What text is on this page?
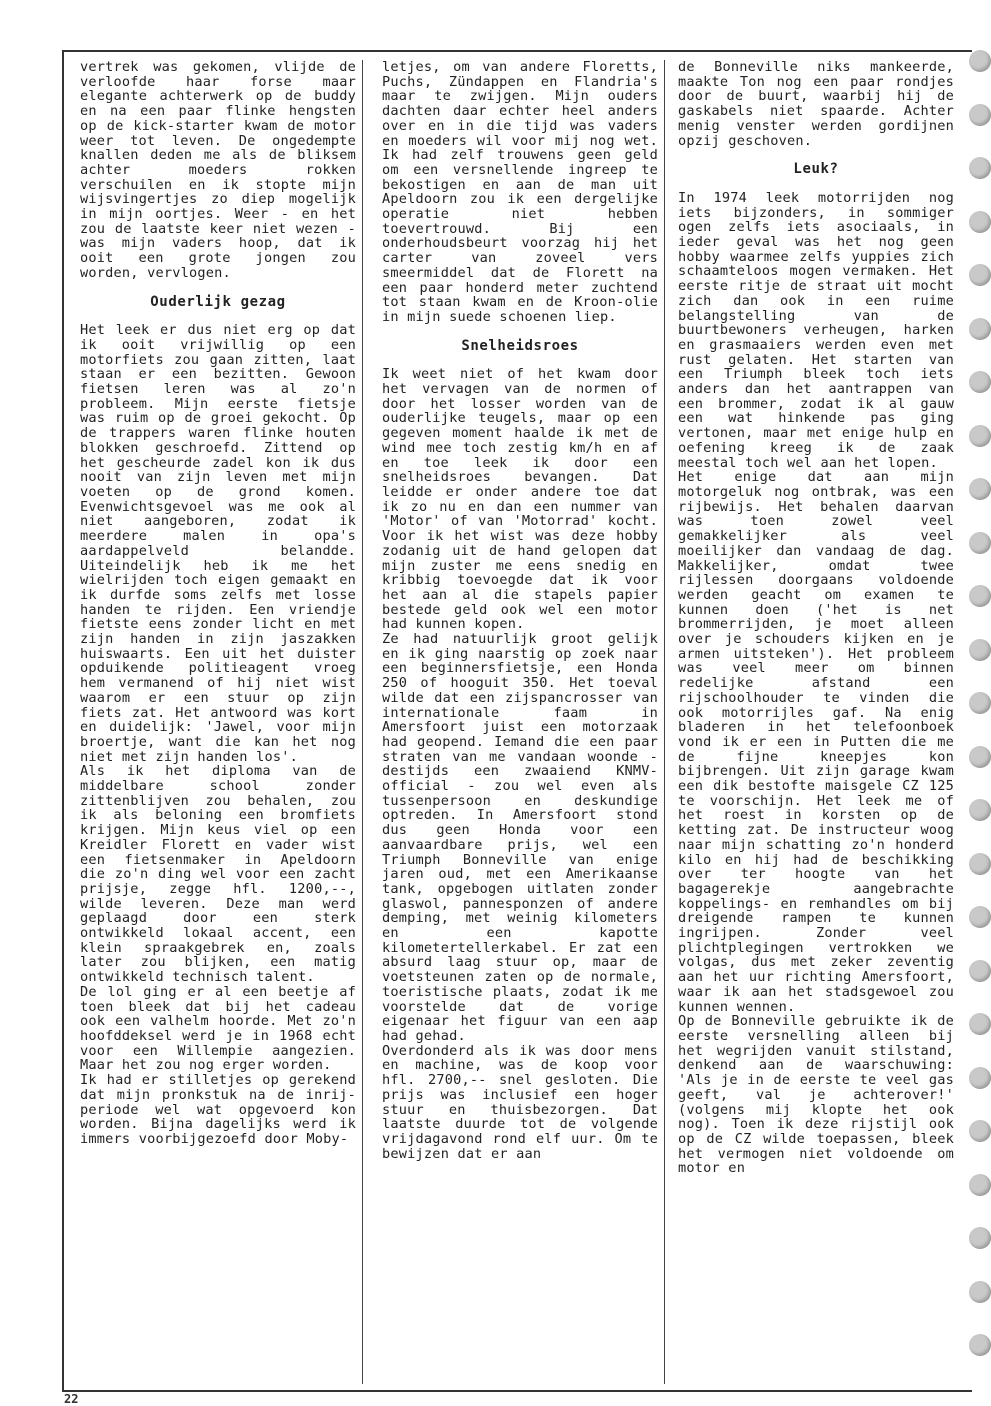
vertrek was gekomen, vlijde de verloofde haar forse maar elegante achterwerk op de buddy en na een paar flinke hengsten op de kick-starter kwam de motor weer tot leven. De ongedempte knallen deden me als de bliksem achter moeders rokken verschuilen en ik stopte mijn wijsvingertjes zo diep mogelijk in mijn oortjes. Weer - en het zou de laatste keer niet wezen - was mijn vaders hoop, dat ik ooit een grote jongen zou worden, vervlogen.

Ouderlijk gezag

Het leek er dus niet erg op dat ik ooit vrijwillig op een motorfiets zou gaan zitten, laat staan er een bezitten. Gewoon fietsen leren was al zo'n probleem. Mijn eerste fietsje was ruim op de groei gekocht. Op de trappers waren flinke houten blokken geschroefd. Zittend op het gescheurde zadel kon ik dus nooit van zijn leven met mijn voeten op de grond komen. Evenwichtsgevoel was me ook al niet aangeboren, zodat ik meerdere malen in opa's aardappelveld belandde. Uiteindelijk heb ik me het wielrijden toch eigen gemaakt en ik durfde soms zelfs met losse handen te rijden. Een vriendje fietste eens zonder licht en met zijn handen in zijn jaszakken huiswaarts. Een uit het duister opduikende politieagent vroeg hem vermanend of hij niet wist waarom er een stuur op zijn fiets zat. Het antwoord was kort en duidelijk: 'Jawel, voor mijn broertje, want die kan het nog niet met zijn handen los'.

Als ik het diploma van de middelbare school zonder zittenblijven zou behalen, zou ik als beloning een bromfiets krijgen. Mijn keus viel op een Kreidler Florett en vader wist een fietsenmaker in Apeldoorn die zo'n ding wel voor een zacht prijsje, zegge hfl. 1200,--, wilde leveren. Deze man werd geplaagd door een sterk ontwikkeld lokaal accent, een klein spraakgebrek en, zoals later zou blijken, een matig ontwikkeld technisch talent.

De lol ging er al een beetje af toen bleek dat bij het cadeau ook een valhelm hoorde. Met zo'n hoofddeksel werd je in 1968 echt voor een Willempie aangezien. Maar het zou nog erger worden.

Ik had er stilletjes op gerekend dat mijn pronkstuk na de inrij-periode wel wat opgevoerd kon worden. Bijna dagelijks werd ik immers voorbijgezoefd door Moby-

letjes, om van andere Floretts, Puchs, Zündappen en Flandria's maar te zwijgen. Mijn ouders dachten daar echter heel anders over en in die tijd was vaders en moeders wil voor mij nog wet. Ik had zelf trouwens geen geld om een versnellende ingreep te bekostigen en aan de man uit Apeldoorn zou ik een dergelijke operatie niet hebben toevertrouwd. Bij een onderhoudsbeurt voorzag hij het carter van zoveel vers smeermiddel dat de Florett na een paar honderd meter zuchtend tot staan kwam en de Kroon-olie in mijn suede schoenen liep.

Snelheidsroes

Ik weet niet of het kwam door het vervagen van de normen of door het losser worden van de ouderlijke teugels, maar op een gegeven moment haalde ik met de wind mee toch zestig km/h en af en toe leek ik door een snelheidsroes bevangen. Dat leidde er onder andere toe dat ik zo nu en dan een nummer van 'Motor' of van 'Motorrad' kocht. Voor ik het wist was deze hobby zodanig uit de hand gelopen dat mijn zuster me eens snedig en kribbig toevoegde dat ik voor het aan al die stapels papier bestede geld ook wel een motor had kunnen kopen.

Ze had natuurlijk groot gelijk en ik ging naarstig op zoek naar een beginnersfietsje, een Honda 250 of hooguit 350. Het toeval wilde dat een zijspancrosser van internationale faam in Amersfoort juist een motorzaak had geopend. Iemand die een paar straten van me vandaan woonde - destijds een zwaaiend KNMV-official - zou wel even als tussenpersoon en deskundige optreden. In Amersfoort stond dus geen Honda voor een aanvaardbare prijs, wel een Triumph Bonneville van enige jaren oud, met een Amerikaanse tank, opgebogen uitlaten zonder glaswol, pannesponzen of andere demping, met weinig kilometers en een kapotte kilometertellerkabel. Er zat een absurd laag stuur op, maar de voetsteunen zaten op de normale, toeristische plaats, zodat ik me voorstelde dat de vorige eigenaar het figuur van een aap had gehad.

Overdonderd als ik was door mens en machine, was de koop voor hfl. 2700,-- snel gesloten. Die prijs was inclusief een hoger stuur en thuisbezorgen. Dat laatste duurde tot de volgende vrijdagavond rond elf uur. Om te bewijzen dat er aan

de Bonneville niks mankeerde, maakte Ton nog een paar rondjes door de buurt, waarbij hij de gaskabels niet spaarde. Achter menig venster werden gordijnen opzij geschoven.

Leuk?

In 1974 leek motorrijden nog iets bijzonders, in sommiger ogen zelfs iets asociaals, in ieder geval was het nog geen hobby waarmee zelfs yuppies zich schaamteloos mogen vermaken. Het eerste ritje de straat uit mocht zich dan ook in een ruime belangstelling van de buurtbewoners verheugen, harken en grasmaaiers werden even met rust gelaten. Het starten van een Triumph bleek toch iets anders dan het aantrappen van een brommer, zodat ik al gauw een wat hinkende pas ging vertonen, maar met enige hulp en oefening kreeg ik de zaak meestal toch wel aan het lopen.

Het enige dat aan mijn motorgeluk nog ontbrak, was een rijbewijs. Het behalen daarvan was toen zowel veel gemakkelijker als veel moeilijker dan vandaag de dag. Makkelijker, omdat twee rijlessen doorgaans voldoende werden geacht om examen te kunnen doen ('het is net brommerrijden, je moet alleen over je schouders kijken en je armen uitsteken'). Het probleem was veel meer om binnen redelijke afstand een rijschoolhouder te vinden die ook motorrijles gaf. Na enig bladeren in het telefoonboek vond ik er een in Putten die me de fijne kneepjes kon bijbrengen. Uit zijn garage kwam een dik bestofte maisgele CZ 125 te voorschijn. Het leek me of het roest in korsten op de ketting zat. De instructeur woog naar mijn schatting zo'n honderd kilo en hij had de beschikking over ter hoogte van het bagagerekje aangebrachte koppelings- en remhandles om bij dreigende rampen te kunnen ingrijpen. Zonder veel plichtplegingen vertrokken we volgas, dus met zeker zeventig aan het uur richting Amersfoort, waar ik aan het stadsgewoel zou kunnen wennen.

Op de Bonneville gebruikte ik de eerste versnelling alleen bij het wegrijden vanuit stilstand, denkend aan de waarschuwing: 'Als je in de eerste te veel gas geeft, val je achterover!' (volgens mij klopte het ook nog). Toen ik deze rijstijl ook op de CZ wilde toepassen, bleek het vermogen niet voldoende om motor en

22
